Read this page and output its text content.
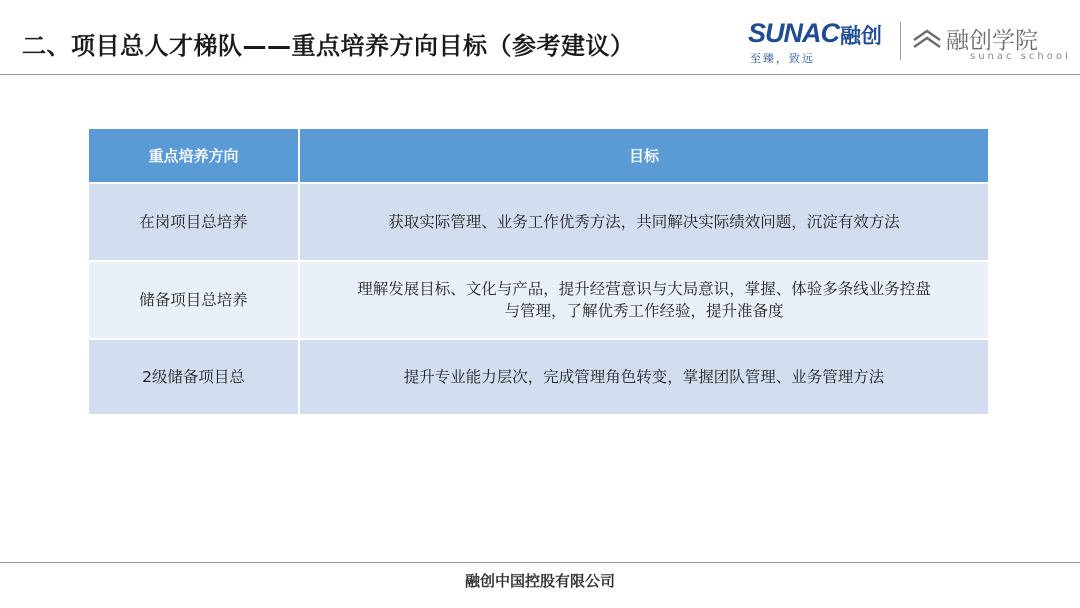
二、项目总人才梯队——重点培养方向目标（参考建议）	SUNAC 融创
至臻，致远
融创学院
sunac school
重点培养方向	目标
在岗项目总培养	获取实际管理、业务工作优秀方法，共同解决实际绩效问题，沉淀有效方法
储备项目总培养	理解发展目标、文化与产品，提升经营意识与大局意识，掌握、体验多条线业务控盘
与管理，了解优秀工作经验，提升准备度

2级储备项目总	提升专业能力层次，完成管理角色转变，掌握团队管理、业务管理方法
融创中国控股有限公司
